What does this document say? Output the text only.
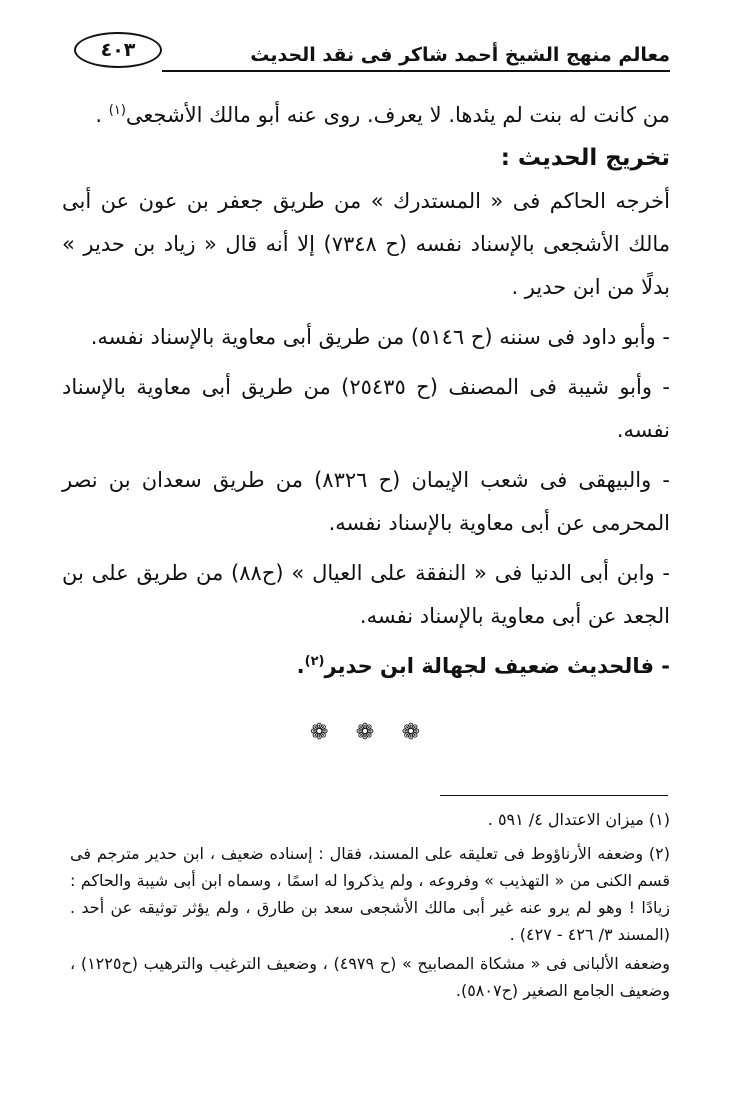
معالم منهج الشيخ أحمد شاكر فى نقد الحديث
٤٠٣

من كانت له بنت لم يئدها. لا يعرف. روى عنه أبو مالك الأشجعى$^{(١)}$ .

تخريج الحديث :

أخرجه الحاكم فى « المستدرك » من طريق جعفر بن عون عن أبى مالك الأشجعى بالإسناد نفسه (ح ٧٣٤٨) إلا أنه قال « زياد بن حدير » بدلًا من ابن حدير .

- وأبو داود فى سننه (ح ٥١٤٦) من طريق أبى معاوية بالإسناد نفسه.

- وأبو شيبة فى المصنف (ح ٢٥٤٣٥) من طريق أبى معاوية بالإسناد نفسه.

- والبيهقى فى شعب الإيمان (ح ٨٣٢٦) من طريق سعدان بن نصر المحرمى عن أبى معاوية بالإسناد نفسه.

- وابن أبى الدنيا فى « النفقة على العيال » (ح٨٨) من طريق على بن الجعد عن أبى معاوية بالإسناد نفسه.

- فالحديث ضعيف لجهالة ابن حدير$^{(٢)}$.

❁ ❁ ❁

(١) ميزان الاعتدال ٤/ ٥٩١ .

(٢) وضعفه الأرناؤوط فى تعليقه على المسند، فقال : إسناده ضعيف ، ابن حدير مترجم فى قسم الكنى من « التهذيب » وفروعه ، ولم يذكروا له اسمًا ، وسماه ابن أبى شيبة والحاكم : زيادًا ! وهو لم يرو عنه غير أبى مالك الأشجعى سعد بن طارق ، ولم يؤثر توثيقه عن أحد . (المسند ٣/ ٤٢٦ - ٤٢٧) .

وضعفه الألبانى فى « مشكاة المصابيح » (ح ٤٩٧٩) ، وضعيف الترغيب والترهيب (ح١٢٢٥) ، وضعيف الجامع الصغير (ح٥٨٠٧).
